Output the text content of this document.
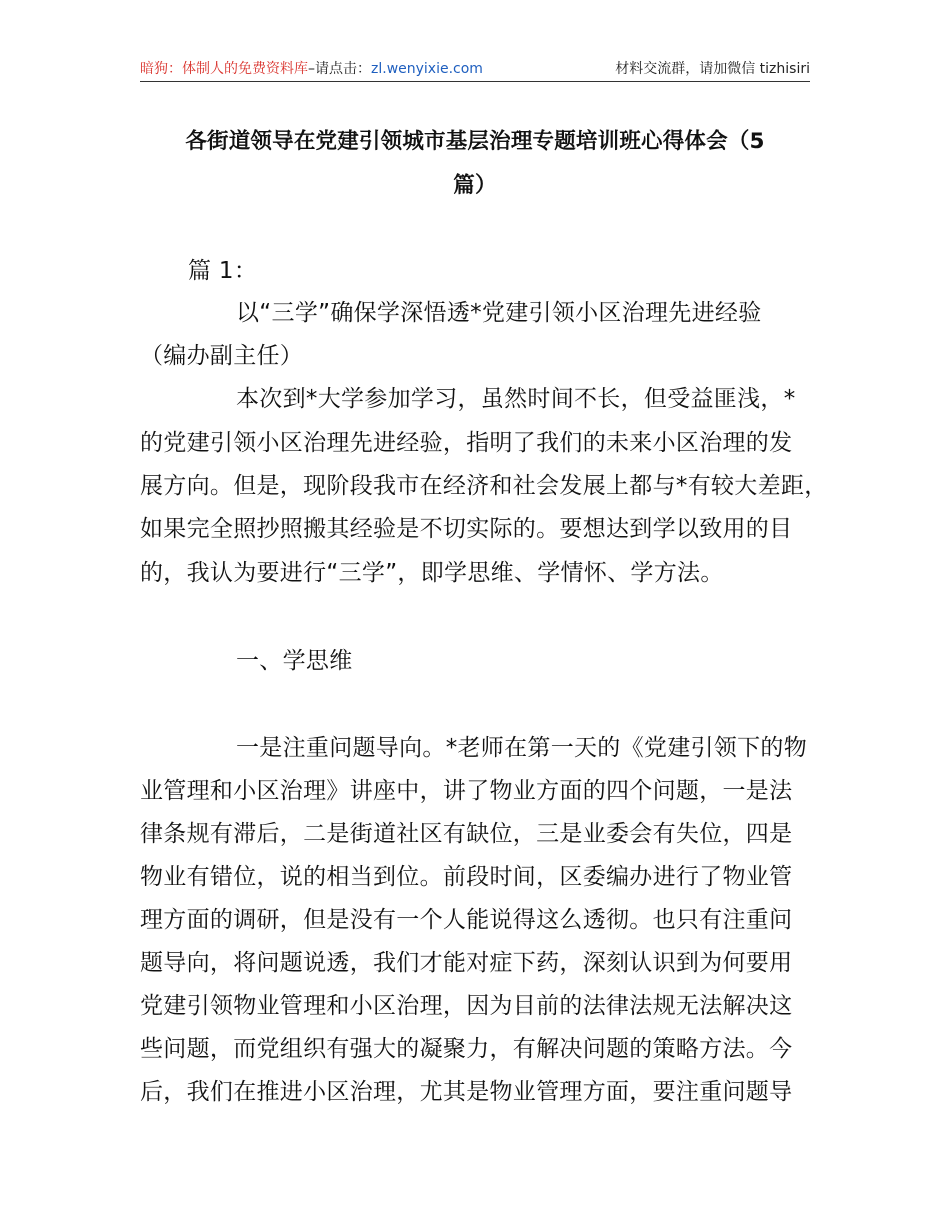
暗狗：体制人的免费资料库–请点击：zl.wenyixie.com	材料交流群，请加微信 tizhisiri
各街道领导在党建引领城市基层治理专题培训班心得体会（5
篇）
篇 1：
以“三学”确保学深悟透*党建引领小区治理先进经验
（编办副主任）
本次到*大学参加学习，虽然时间不长，但受益匪浅，*
的党建引领小区治理先进经验，指明了我们的未来小区治理的发
展方向。但是，现阶段我市在经济和社会发展上都与*有较大差距，
如果完全照抄照搬其经验是不切实际的。要想达到学以致用的目
的，我认为要进行“三学”，即学思维、学情怀、学方法。
一、学思维
一是注重问题导向。*老师在第一天的《党建引领下的物
业管理和小区治理》讲座中，讲了物业方面的四个问题，一是法
律条规有滞后，二是街道社区有缺位，三是业委会有失位，四是
物业有错位，说的相当到位。前段时间，区委编办进行了物业管
理方面的调研，但是没有一个人能说得这么透彻。也只有注重问
题导向，将问题说透，我们才能对症下药，深刻认识到为何要用
党建引领物业管理和小区治理，因为目前的法律法规无法解决这
些问题，而党组织有强大的凝聚力，有解决问题的策略方法。今
后，我们在推进小区治理，尤其是物业管理方面，要注重问题导
